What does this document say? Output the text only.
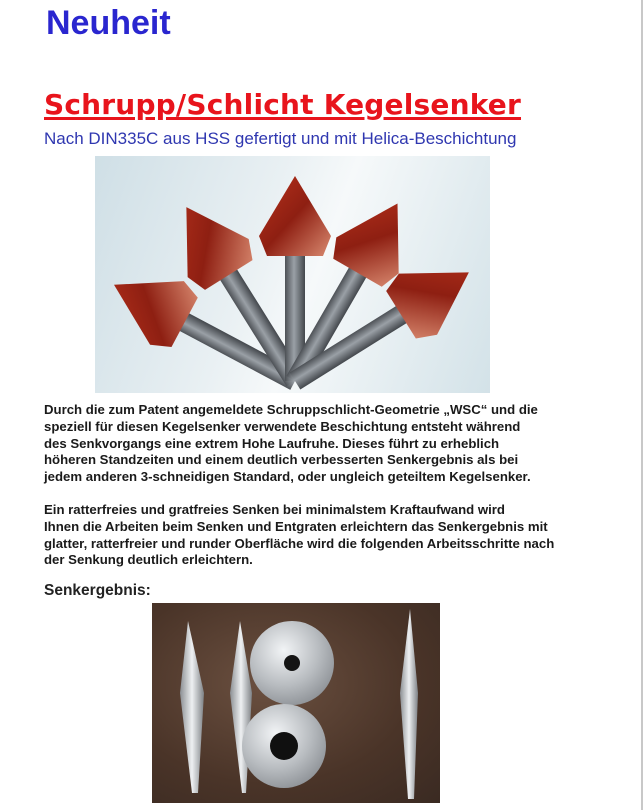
Neuheit
Schrupp/Schlicht Kegelsenker
Nach DIN335C aus HSS gefertigt und mit Helica-Beschichtung
Durch die zum Patent angemeldete Schruppschlicht-Geometrie „WSC“ und die
speziell für diesen Kegelsenker verwendete Beschichtung entsteht während
des Senkvorgangs eine extrem Hohe Laufruhe. Dieses führt zu erheblich
höheren Standzeiten und einem deutlich verbesserten Senkergebnis als bei
jedem anderen 3-schneidigen Standard, oder ungleich geteiltem Kegelsenker.
Ein ratterfreies und gratfreies Senken bei minimalstem Kraftaufwand wird
Ihnen die Arbeiten beim Senken und Entgraten erleichtern das Senkergebnis mit
glatter, ratterfreier und runder Oberfläche wird die folgenden Arbeitsschritte nach
der Senkung deutlich erleichtern.
Senkergebnis:
